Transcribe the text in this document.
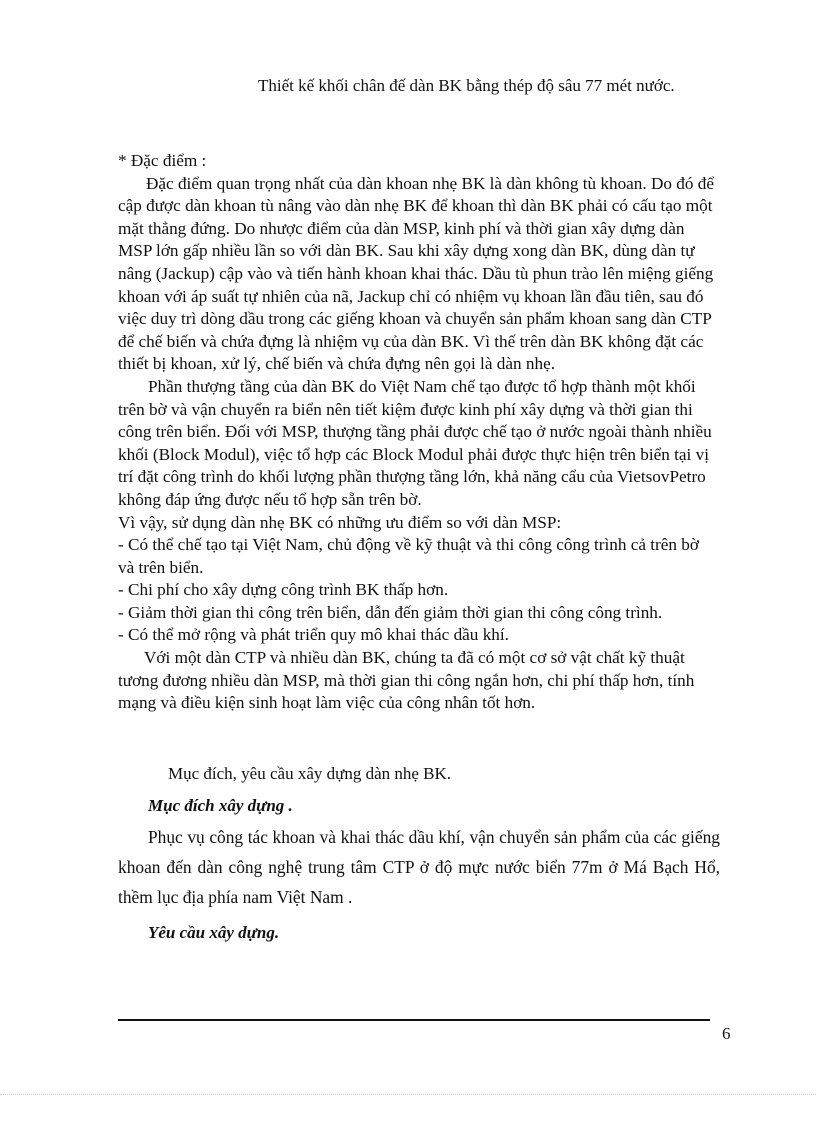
Thiết kế khối chân đế dàn BK bằng thép độ sâu 77 mét nước.

* Đặc điểm :

Đặc điểm quan trọng nhất của dàn khoan nhẹ BK là dàn không tù khoan. Do đó để cập được dàn khoan tù nâng vào dàn nhẹ BK để khoan thì dàn BK phải có cấu tạo một mặt thẳng đứng. Do nhược điểm của dàn MSP, kinh phí và thời gian xây dựng dàn MSP lớn gấp nhiều lần so với dàn BK. Sau khi xây dựng xong dàn BK, dùng dàn tự nâng (Jackup) cập vào và tiến hành khoan khai thác. Dầu tù phun trào lên miệng giếng khoan với áp suất tự nhiên của nã, Jackup chỉ có nhiệm vụ khoan lần đầu tiên, sau đó việc duy trì dòng dầu trong các giếng khoan và chuyển sản phẩm khoan sang dàn CTP để chế biến và chứa đựng là nhiệm vụ của dàn BK. Vì thế trên dàn BK không đặt các thiết bị khoan, xử lý, chế biến và chứa đựng nên gọi là dàn nhẹ.

Phần thượng tầng của dàn BK do Việt Nam chế tạo được tổ hợp thành một khối trên bờ và vận chuyển ra biển nên tiết kiệm được kinh phí xây dựng và thời gian thi công trên biển. Đối với MSP, thượng tầng phải được chế tạo ở nước ngoài thành nhiều khối (Block Modul), việc tổ hợp các Block Modul phải được thực hiện trên biển tại vị trí đặt công trình do khối lượng phần thượng tầng lớn, khả năng cẩu của VietsovPetro không đáp ứng được nếu tổ hợp sẵn trên bờ.

Vì vậy, sử dụng dàn nhẹ BK có những ưu điểm so với dàn MSP:

- Có thể chế tạo tại Việt Nam, chủ động về kỹ thuật và thi công công trình cả trên bờ và trên biển.

- Chi phí cho xây dựng công trình BK thấp hơn.

- Giảm thời gian thi công trên biển, dẫn đến giảm thời gian thi công công trình.

- Có thể mở rộng và phát triển quy mô khai thác dầu khí.

Với một dàn CTP và nhiều dàn BK, chúng ta đã có một cơ sở vật chất kỹ thuật tương đương nhiều dàn MSP, mà thời gian thi công ngắn hơn, chi phí thấp hơn, tính mạng và điều kiện sinh hoạt làm việc của công nhân tốt hơn.

Mục đích, yêu cầu xây dựng dàn nhẹ BK.
Mục đích xây dựng .

Phục vụ công tác khoan và khai thác dầu khí, vận chuyển sản phẩm của các giếng khoan đến dàn công nghệ trung tâm CTP ở độ mực nước biển 77m ở Má Bạch Hổ, thềm lục địa phía nam Việt Nam .

Yêu cầu xây dựng.
6
